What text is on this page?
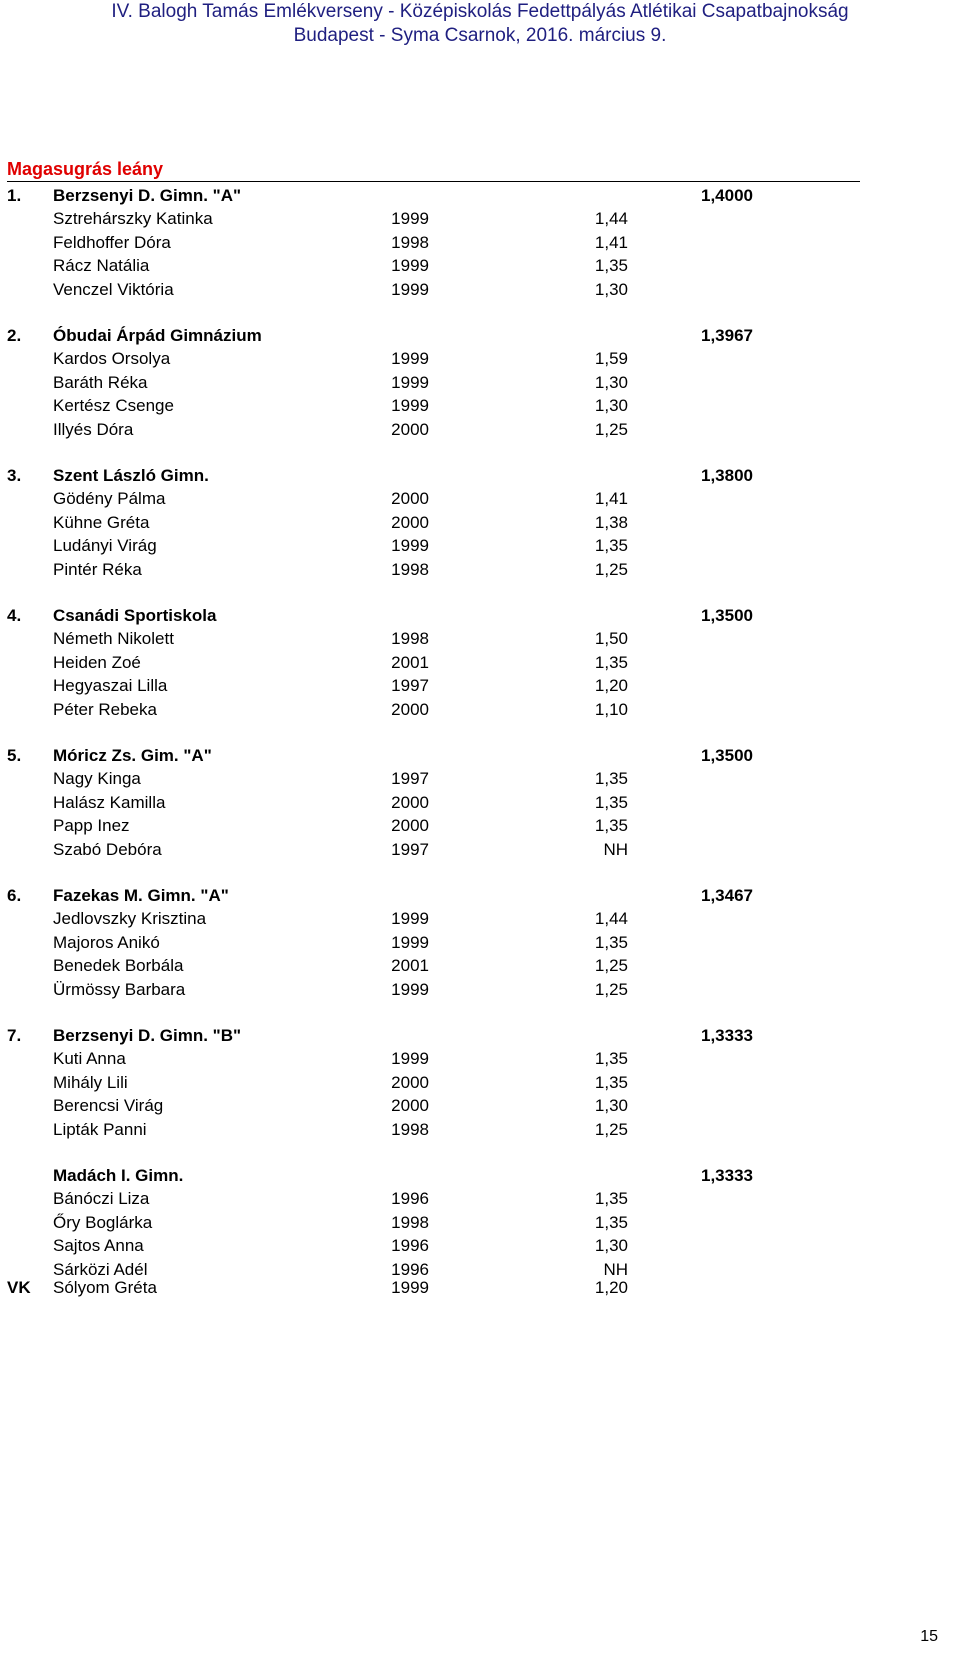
IV. Balogh Tamás Emlékverseny - Középiskolás Fedettpályás Atlétikai Csapatbajnokság
Budapest - Syma Csarnok, 2016. március 9.
Magasugrás leány
1. Berzsenyi D. Gimn. "A"	1,4000
Sztrehárszky Katinka	1999	1,44
Feldhoffer Dóra	1998	1,41
Rácz Natália	1999	1,35
Venczel Viktória	1999	1,30
2. Óbudai Árpád Gimnázium	1,3967
Kardos Orsolya	1999	1,59
Baráth Réka	1999	1,30
Kertész Csenge	1999	1,30
Illyés Dóra	2000	1,25
3. Szent László Gimn.	1,3800
Gödény Pálma	2000	1,41
Kühne Gréta	2000	1,38
Ludányi Virág	1999	1,35
Pintér Réka	1998	1,25
4. Csanádi Sportiskola	1,3500
Németh Nikolett	1998	1,50
Heiden Zoé	2001	1,35
Hegyaszai Lilla	1997	1,20
Péter Rebeka	2000	1,10
5. Móricz Zs. Gim. "A"	1,3500
Nagy Kinga	1997	1,35
Halász Kamilla	2000	1,35
Papp Inez	2000	1,35
Szabó Debóra	1997	NH
6. Fazekas M. Gimn. "A"	1,3467
Jedlovszky Krisztina	1999	1,44
Majoros Anikó	1999	1,35
Benedek Borbála	2001	1,25
Ürmössy Barbara	1999	1,25
7. Berzsenyi D. Gimn. "B"	1,3333
Kuti Anna	1999	1,35
Mihály Lili	2000	1,35
Berencsi Virág	2000	1,30
Lipták Panni	1998	1,25
Madách I. Gimn.	1,3333
Bánóczi Liza	1996	1,35
Őry Boglárka	1998	1,35
Sajtos Anna	1996	1,30
Sárközi Adél	1996	NH
VK Sólyom Gréta	1999	1,20
15
